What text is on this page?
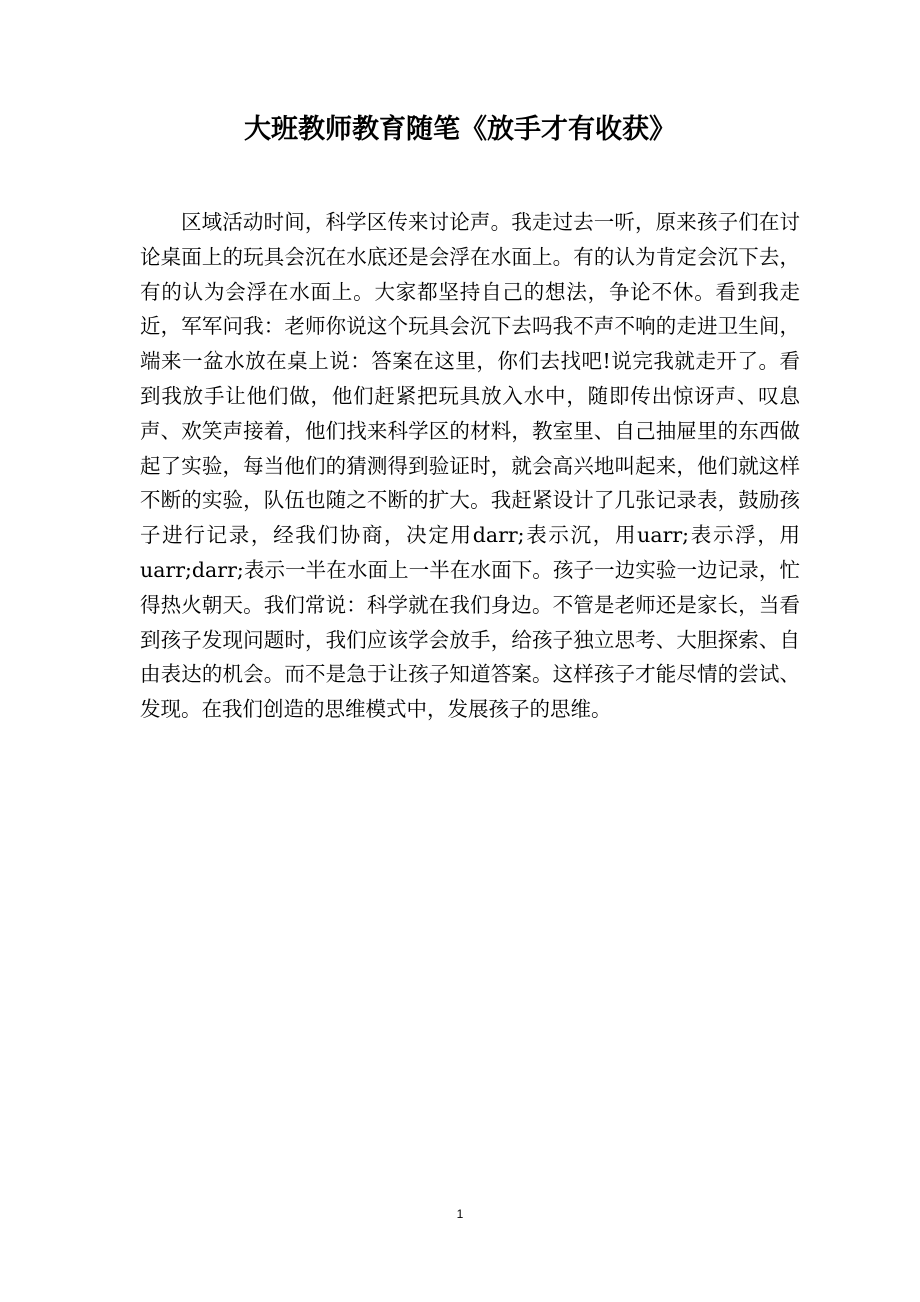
大班教师教育随笔《放手才有收获》

区域活动时间，科学区传来讨论声。我走过去一听，原来孩子们在讨论桌面上的玩具会沉在水底还是会浮在水面上。有的认为肯定会沉下去，有的认为会浮在水面上。大家都坚持自己的想法，争论不休。看到我走近，军军问我：老师你说这个玩具会沉下去吗我不声不响的走进卫生间，端来一盆水放在桌上说：答案在这里，你们去找吧!说完我就走开了。看到我放手让他们做，他们赶紧把玩具放入水中，随即传出惊讶声、叹息声、欢笑声接着，他们找来科学区的材料，教室里、自己抽屉里的东西做起了实验，每当他们的猜测得到验证时，就会高兴地叫起来，他们就这样不断的实验，队伍也随之不断的扩大。我赶紧设计了几张记录表，鼓励孩子进行记录，经我们协商，决定用darr;表示沉，用uarr;表示浮，用uarr;darr;表示一半在水面上一半在水面下。孩子一边实验一边记录，忙得热火朝天。我们常说：科学就在我们身边。不管是老师还是家长，当看到孩子发现问题时，我们应该学会放手，给孩子独立思考、大胆探索、自由表达的机会。而不是急于让孩子知道答案。这样孩子才能尽情的尝试、发现。在我们创造的思维模式中，发展孩子的思维。

1
